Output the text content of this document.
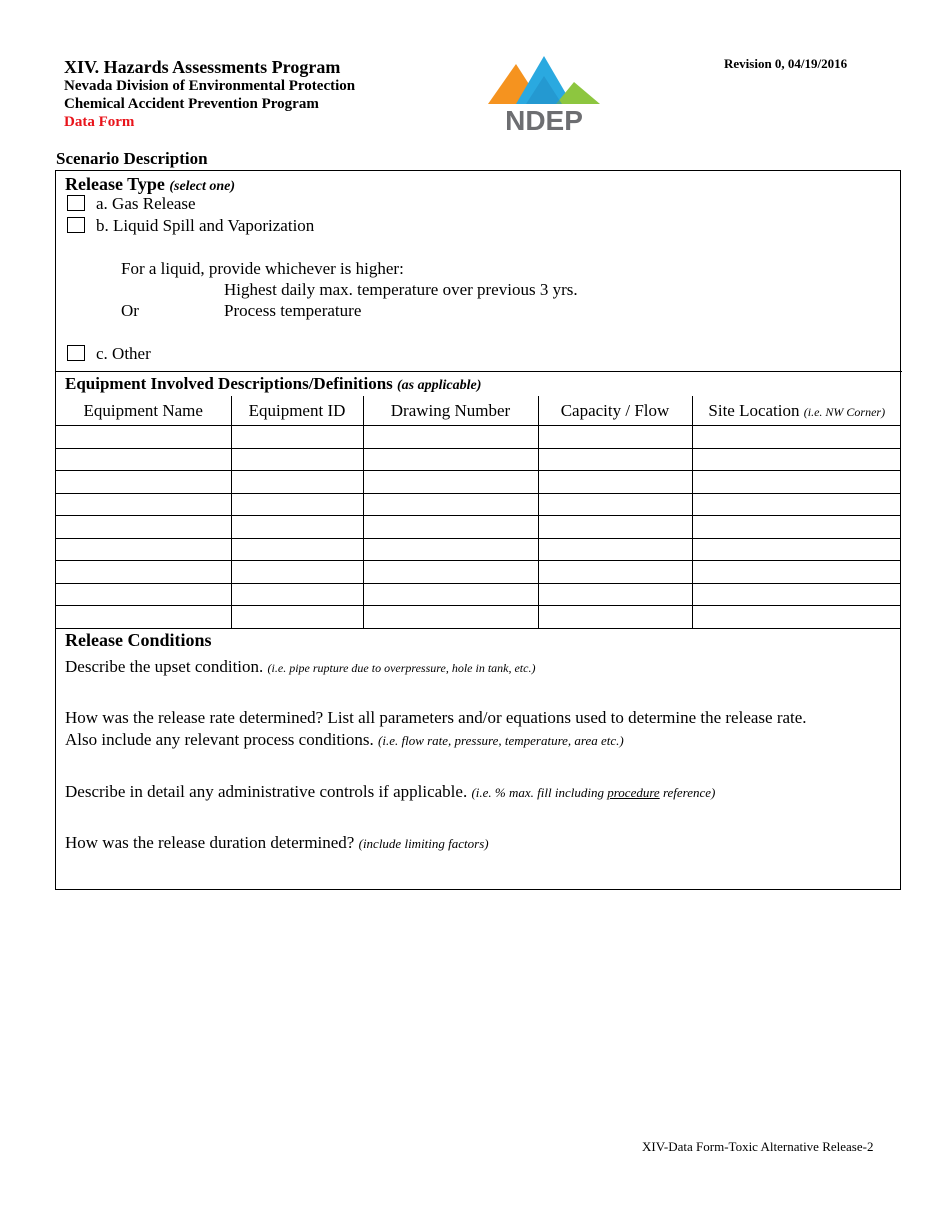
XIV. Hazards Assessments Program
Nevada Division of Environmental Protection
Chemical Accident Prevention Program
Data Form
Revision 0, 04/19/2016
NDEP
Scenario Description
Release Type (select one)
a. Gas Release
b. Liquid Spill and Vaporization
For a liquid, provide whichever is higher:
Highest daily max. temperature over previous 3 yrs.
Or	Process temperature
c. Other
Equipment Involved Descriptions/Definitions (as applicable)
Equipment Name	Equipment ID	Drawing Number	Capacity / Flow	Site Location (i.e. NW Corner)

Release Conditions
Describe the upset condition. (i.e. pipe rupture due to overpressure, hole in tank, etc.)
How was the release rate determined? List all parameters and/or equations used to determine the release rate.
Also include any relevant process conditions. (i.e. flow rate, pressure, temperature, area etc.)
Describe in detail any administrative controls if applicable. (i.e. % max. fill including procedure reference)
How was the release duration determined? (include limiting factors)
XIV-Data Form-Toxic Alternative Release-2
